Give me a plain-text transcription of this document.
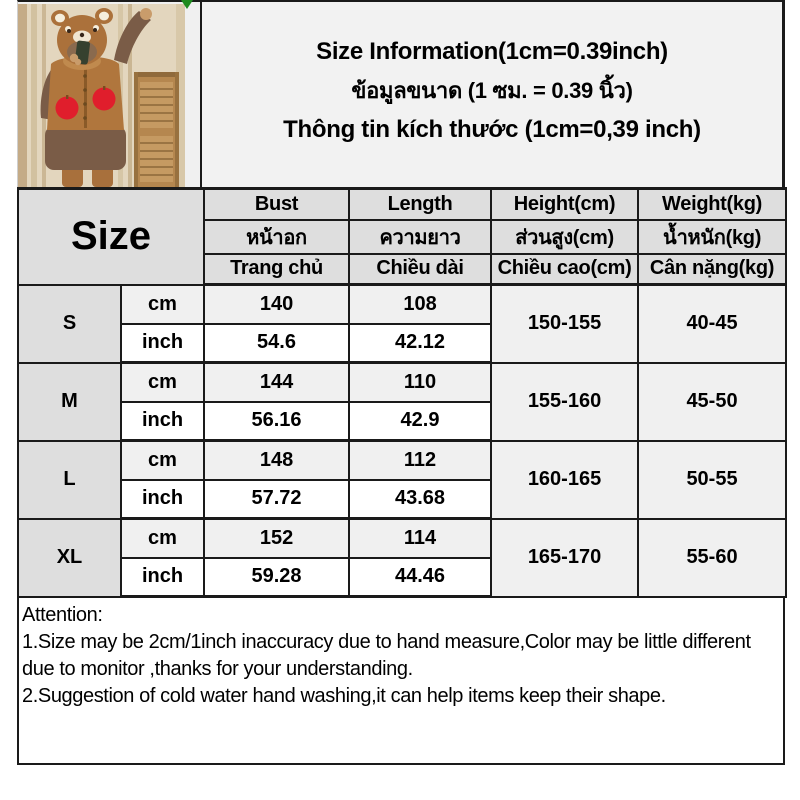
Size Information(1cm=0.39inch)
ข้อมูลขนาด (1 ซม. = 0.39 นิ้ว)
Thông tin kích thước (1cm=0,39 inch)
Size		Bust	Length	Height(cm)	Weight(kg)
		หน้าอก	ความยาว	ส่วนสูง(cm)	น้ำหนัก(kg)
		Trang chủ	Chiều dài	Chiều cao(cm)	Cân nặng(kg)
S	cm	140	108	150-155	40-45
	inch	54.6	42.12		
M	cm	144	110	155-160	45-50
	inch	56.16	42.9		
L	cm	148	112	160-165	50-55
	inch	57.72	43.68		
XL	cm	152	114	165-170	55-60
	inch	59.28	44.46		

Attention:

1.Size may be 2cm/1inch inaccuracy due to hand measure,Color may be little different due to monitor ,thanks for your understanding.

2.Suggestion of cold water hand washing,it can help items keep their shape.
